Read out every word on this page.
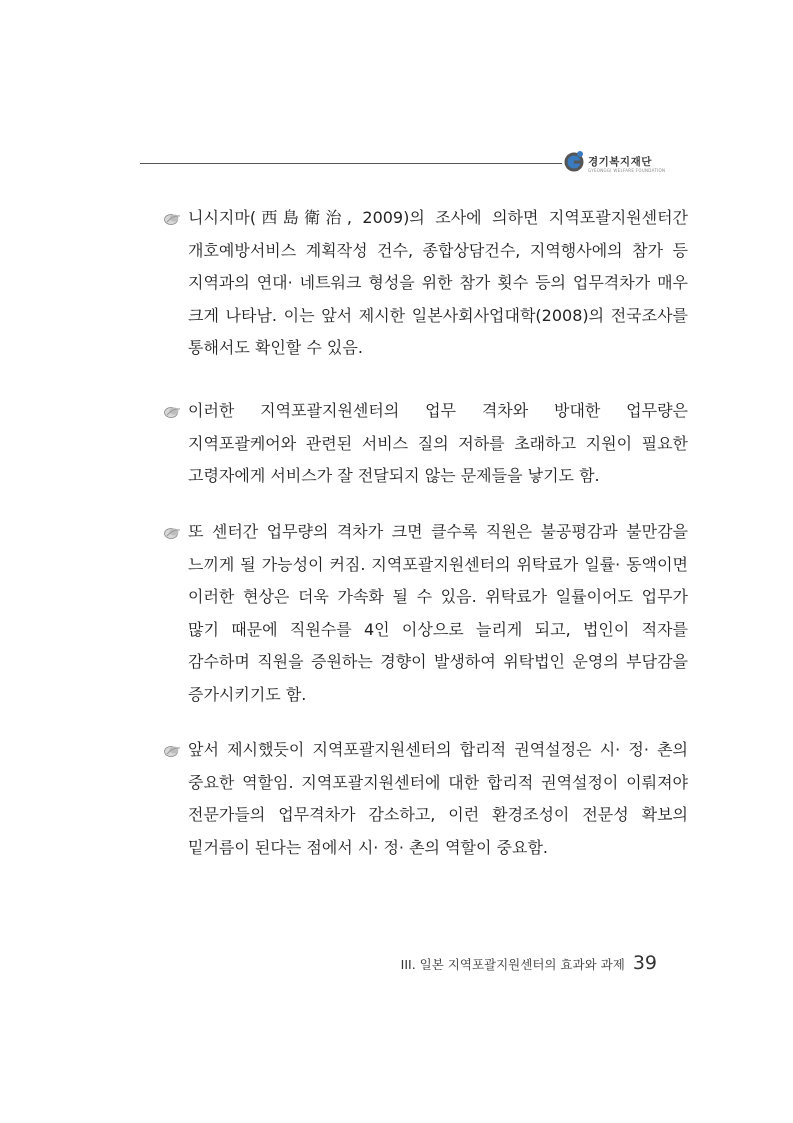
경기복지재단
GYEONGGI WELFARE FOUNDATION

니시지마(西島衛治, 2009)의 조사에 의하면 지역포괄지원센터간 개호예방서비스 계획작성 건수, 종합상담건수, 지역행사에의 참가 등 지역과의 연대· 네트워크 형성을 위한 참가 횟수 등의 업무격차가 매우 크게 나타남. 이는 앞서 제시한 일본사회사업대학(2008)의 전국조사를 통해서도 확인할 수 있음.

이러한 지역포괄지원센터의 업무 격차와 방대한 업무량은 지역포괄케어와 관련된 서비스 질의 저하를 초래하고 지원이 필요한 고령자에게 서비스가 잘 전달되지 않는 문제들을 낳기도 함.

또 센터간 업무량의 격차가 크면 클수록 직원은 불공평감과 불만감을 느끼게 될 가능성이 커짐. 지역포괄지원센터의 위탁료가 일률· 동액이면 이러한 현상은 더욱 가속화 될 수 있음. 위탁료가 일률이어도 업무가 많기 때문에 직원수를 4인 이상으로 늘리게 되고, 법인이 적자를 감수하며 직원을 증원하는 경향이 발생하여 위탁법인 운영의 부담감을 증가시키기도 함.

앞서 제시했듯이 지역포괄지원센터의 합리적 권역설정은 시· 정· 촌의 중요한 역할임. 지역포괄지원센터에 대한 합리적 권역설정이 이뤄져야 전문가들의 업무격차가 감소하고, 이런 환경조성이 전문성 확보의 밑거름이 된다는 점에서 시· 정· 촌의 역할이 중요함.

III. 일본 지역포괄지원센터의 효과와 과제 39
